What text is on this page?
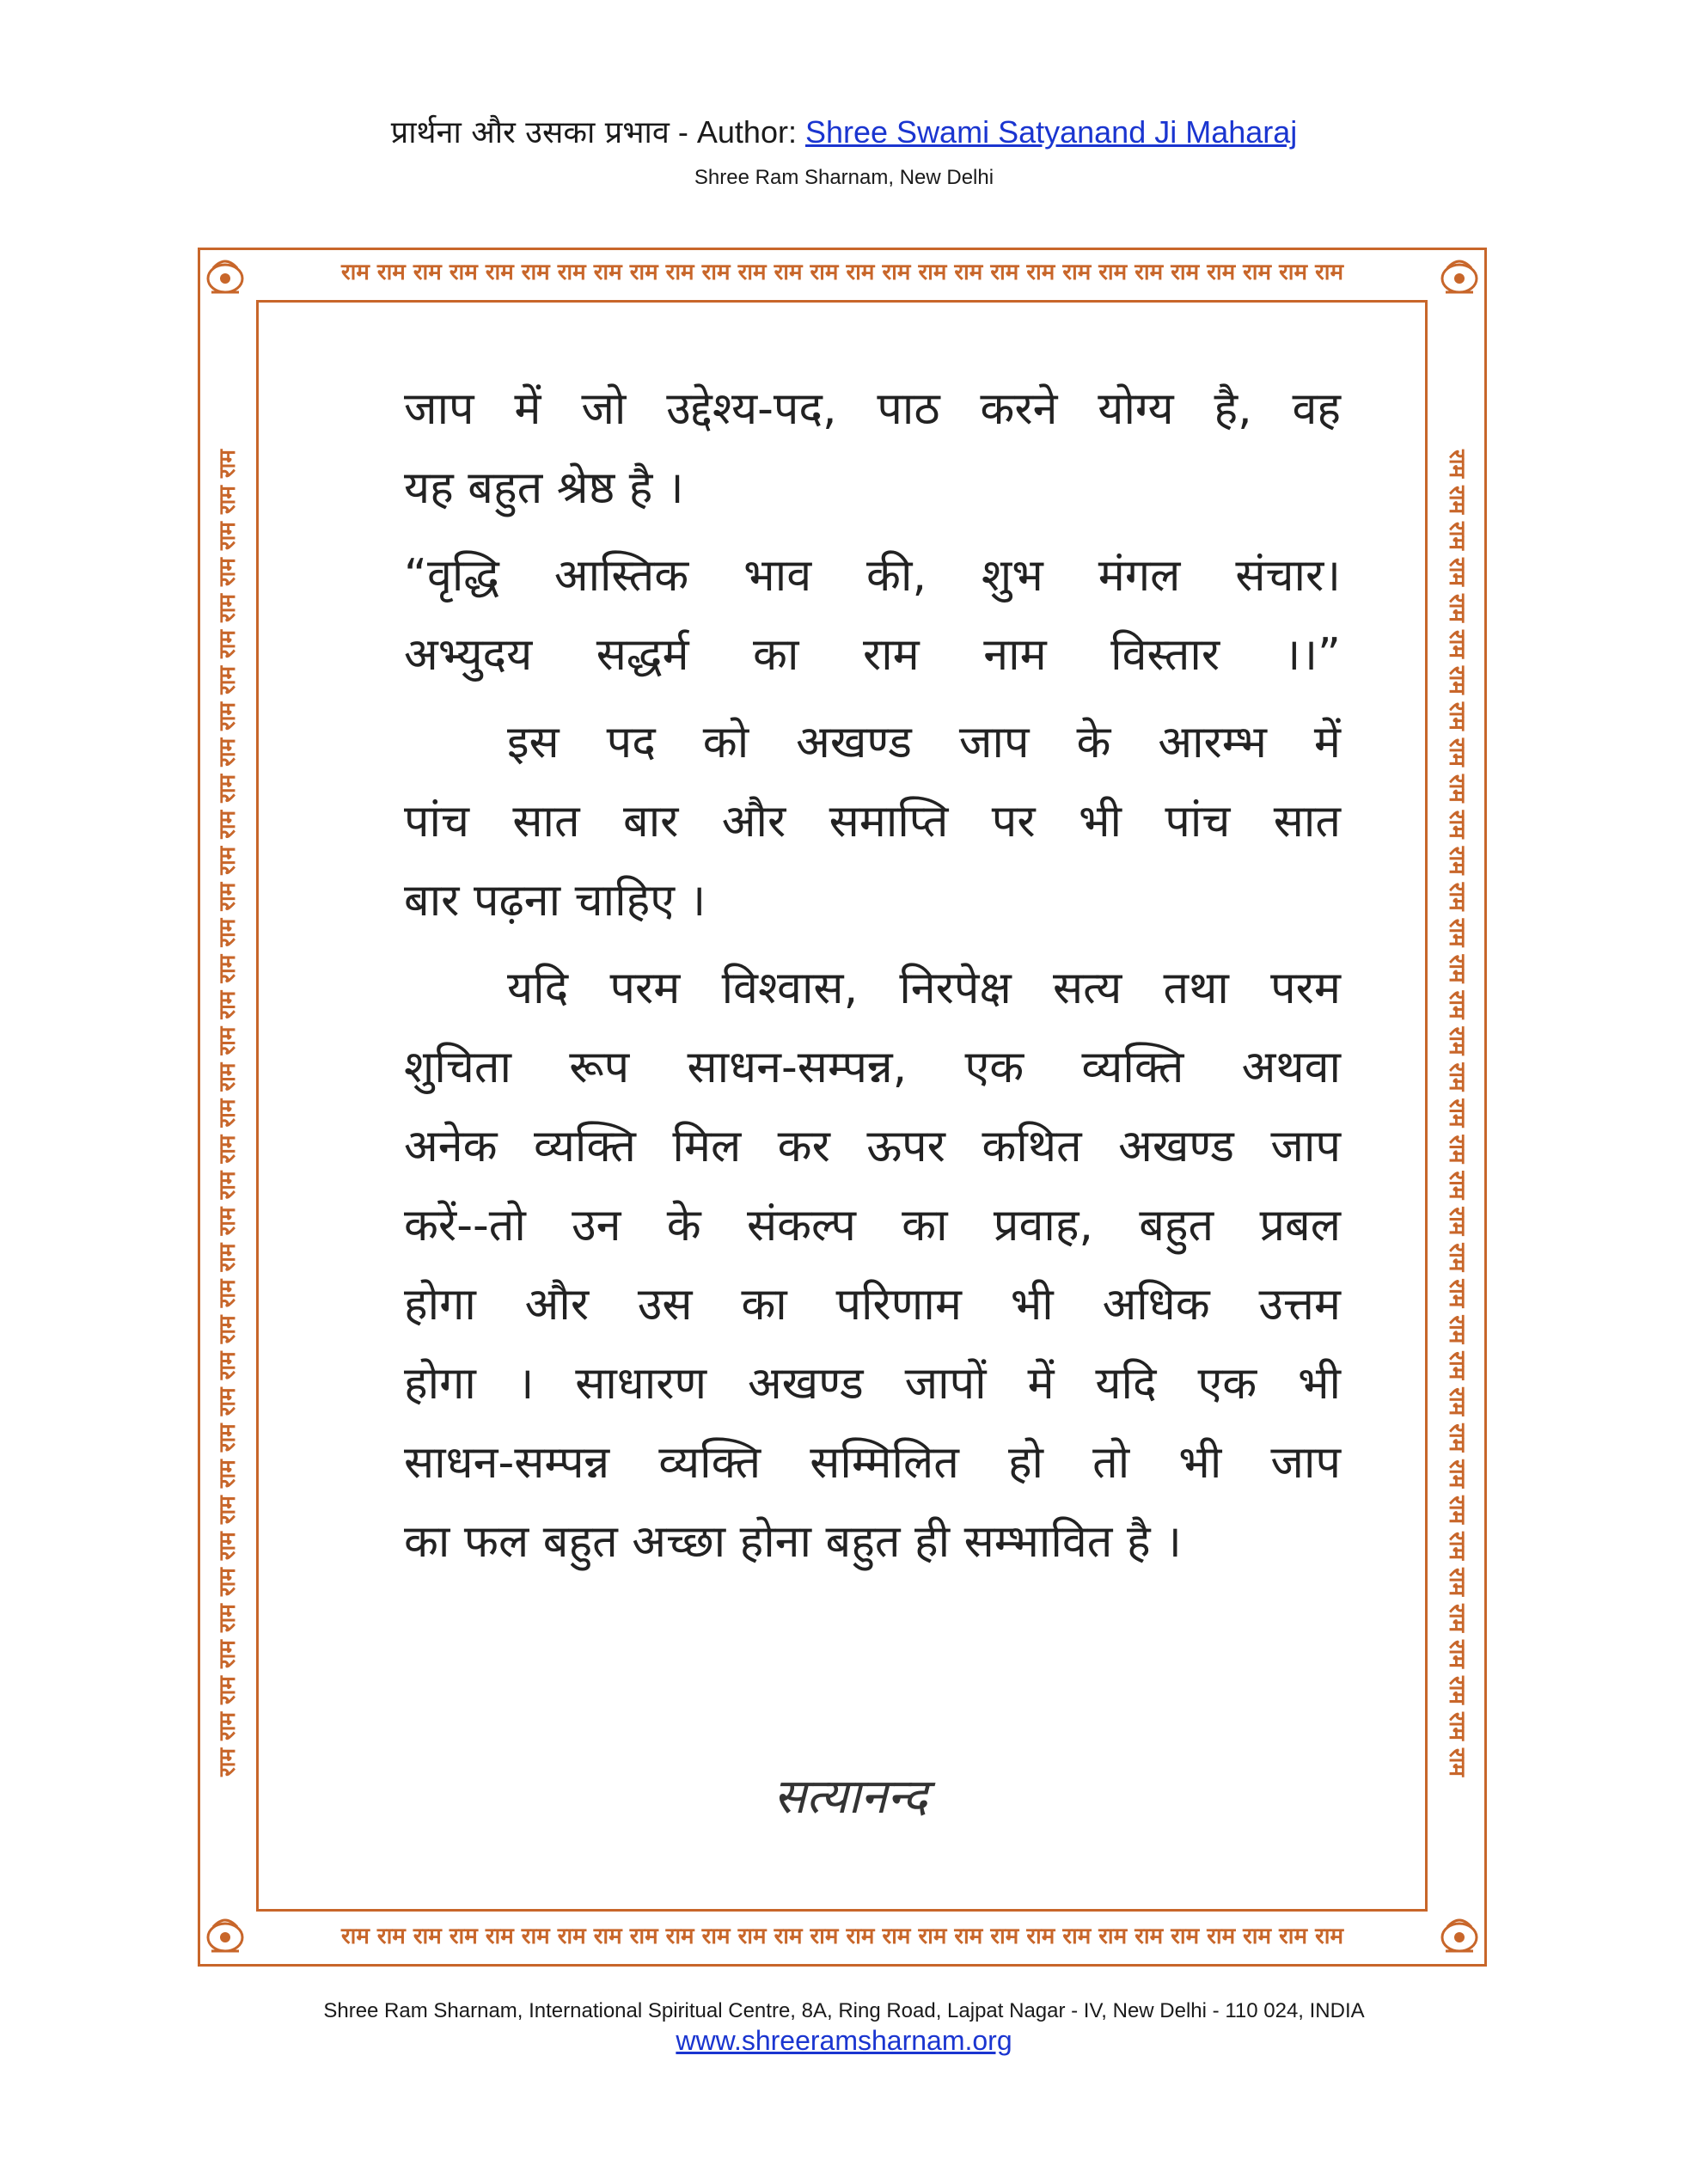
प्रार्थना और उसका प्रभाव - Author: Shree Swami Satyanand Ji Maharaj
Shree Ram Sharnam, New Delhi
राम राम राम राम राम राम राम राम राम राम राम राम राम राम राम राम राम राम राम राम राम राम राम राम राम राम राम राम
राम राम राम राम राम राम राम राम राम राम राम राम राम राम राम राम राम राम राम राम राम राम राम राम राम राम राम राम
राम राम राम राम राम राम राम राम राम राम राम राम राम राम राम राम राम राम राम राम राम राम राम राम राम राम राम राम राम राम राम राम राम राम राम राम राम	राम राम राम राम राम राम राम राम राम राम राम राम राम राम राम राम राम राम राम राम राम राम राम राम राम राम राम राम राम राम राम राम राम राम राम राम राम

जाप में जो उद्देश्य-पद, पाठ करने योग्य है, वह

यह बहुत श्रेष्ठ है ।

“वृद्धि आस्तिक भाव की, शुभ मंगल संचार।

अभ्युदय सद्धर्म का राम नाम विस्तार ।।”

इस पद को अखण्ड जाप के आरम्भ में

पांच सात बार और समाप्ति पर भी पांच सात

बार पढ़ना चाहिए ।

यदि परम विश्वास, निरपेक्ष सत्य तथा परम

शुचिता रूप साधन-सम्पन्न, एक व्यक्ति अथवा

अनेक व्यक्ति मिल कर ऊपर कथित अखण्ड जाप

करें--तो उन के संकल्प का प्रवाह, बहुत प्रबल

होगा और उस का परिणाम भी अधिक उत्तम

होगा । साधारण अखण्ड जापों में यदि एक भी

साधन-सम्पन्न व्यक्ति सम्मिलित हो तो भी जाप

का फल बहुत अच्छा होना बहुत ही सम्भावित है ।

सत्यानन्द
Shree Ram Sharnam, International Spiritual Centre, 8A, Ring Road, Lajpat Nagar - IV, New Delhi - 110 024, INDIA
www.shreeramsharnam.org
